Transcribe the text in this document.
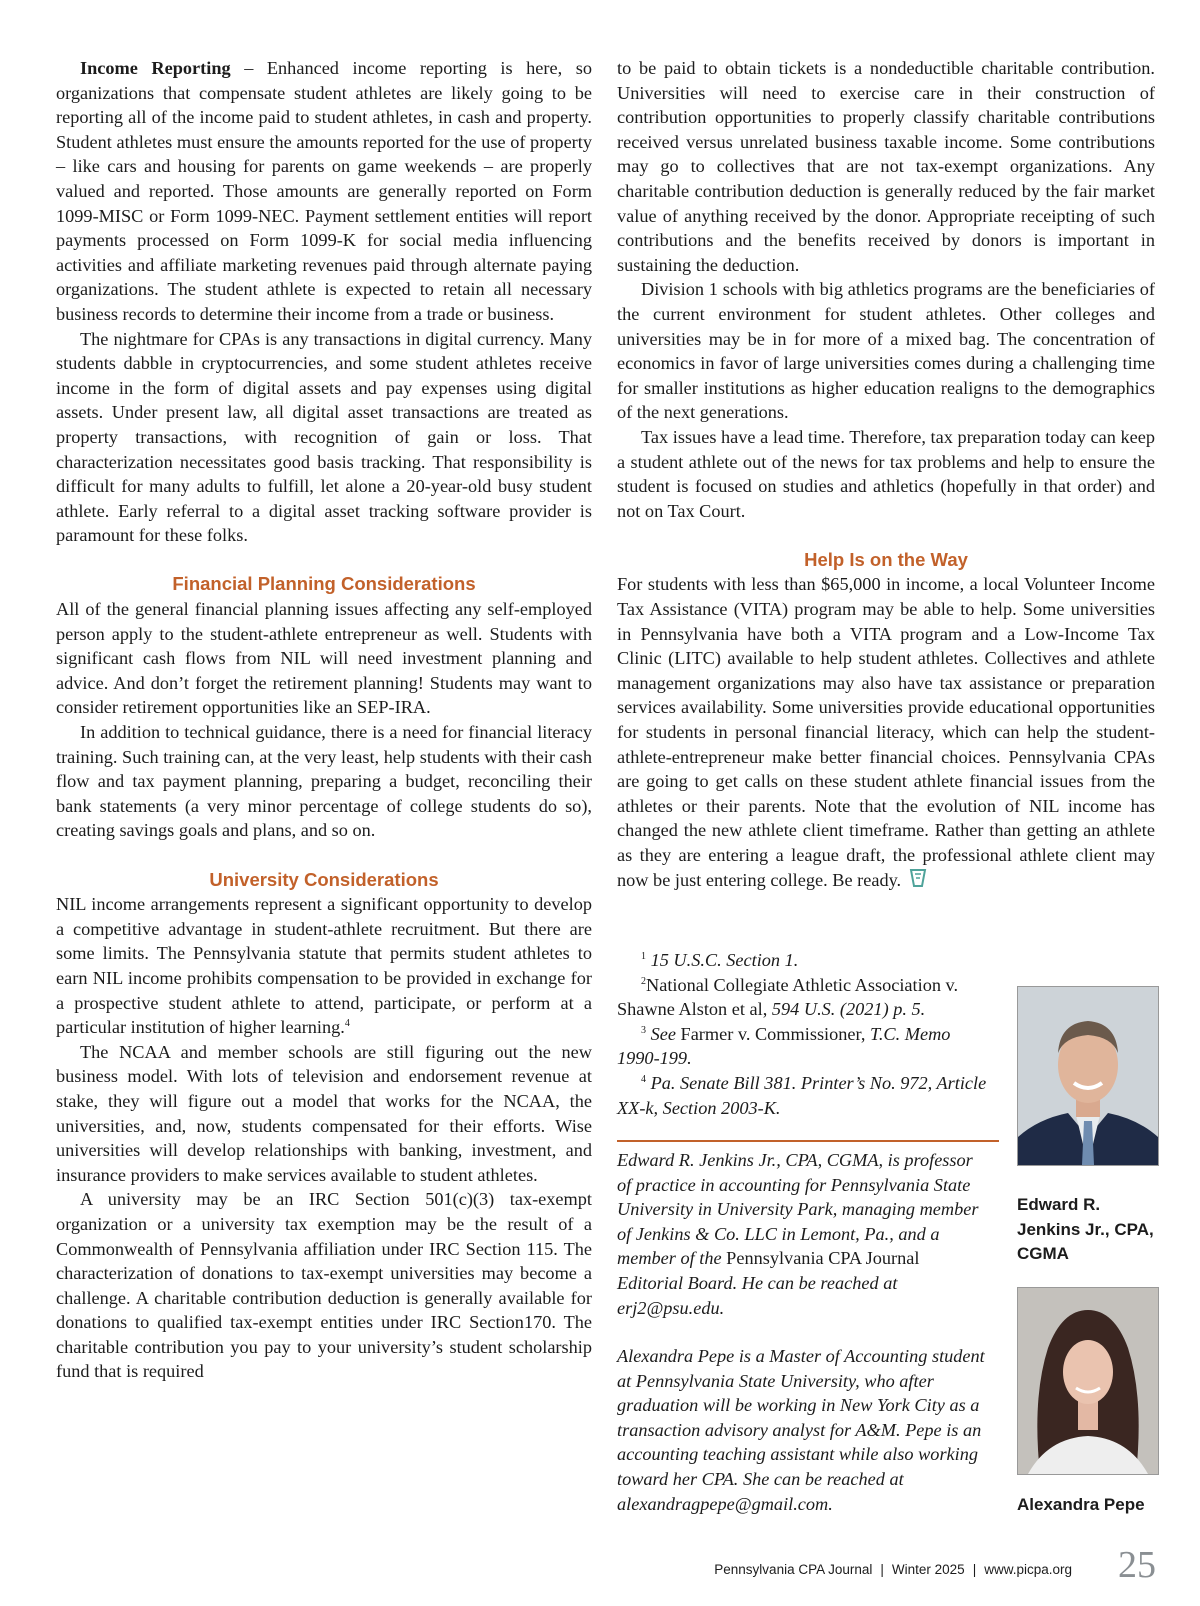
Income Reporting – Enhanced income reporting is here, so organizations that compensate student athletes are likely going to be reporting all of the income paid to student athletes, in cash and property. Student athletes must ensure the amounts reported for the use of property – like cars and housing for parents on game weekends – are properly valued and reported. Those amounts are generally reported on Form 1099-MISC or Form 1099-NEC. Payment settlement entities will report payments processed on Form 1099-K for social media influencing activities and affiliate marketing revenues paid through alternate paying organizations. The student athlete is expected to retain all necessary business records to determine their income from a trade or business.

The nightmare for CPAs is any transactions in digital currency. Many students dabble in cryptocurrencies, and some student athletes receive income in the form of digital assets and pay expenses using digital assets. Under present law, all digital asset transactions are treated as property transactions, with recognition of gain or loss. That characterization necessitates good basis tracking. That responsibility is difficult for many adults to fulfill, let alone a 20-year-old busy student athlete. Early referral to a digital asset tracking software provider is paramount for these folks.

Financial Planning Considerations

All of the general financial planning issues affecting any self-employed person apply to the student-athlete entrepreneur as well. Students with significant cash flows from NIL will need investment planning and advice. And don’t forget the retirement planning! Students may want to consider retirement opportunities like an SEP-IRA.

In addition to technical guidance, there is a need for financial literacy training. Such training can, at the very least, help students with their cash flow and tax payment planning, preparing a budget, reconciling their bank statements (a very minor percentage of college students do so), creating savings goals and plans, and so on.

University Considerations

NIL income arrangements represent a significant opportunity to develop a competitive advantage in student-athlete recruitment. But there are some limits. The Pennsylvania statute that permits student athletes to earn NIL income prohibits compensation to be provided in exchange for a prospective student athlete to attend, participate, or perform at a particular institution of higher learning.$^4$

The NCAA and member schools are still figuring out the new business model. With lots of television and endorsement revenue at stake, they will figure out a model that works for the NCAA, the universities, and, now, students compensated for their efforts. Wise universities will develop relationships with banking, investment, and insurance providers to make services available to student athletes.

A university may be an IRC Section 501(c)(3) tax-exempt organization or a university tax exemption may be the result of a Commonwealth of Pennsylvania affiliation under IRC Section 115. The characterization of donations to tax-exempt universities may become a challenge. A charitable contribution deduction is generally available for donations to qualified tax-exempt entities under IRC Section170. The charitable contribution you pay to your university’s student scholarship fund that is required

to be paid to obtain tickets is a nondeductible charitable contribution. Universities will need to exercise care in their construction of contribution opportunities to properly classify charitable contributions received versus unrelated business taxable income. Some contributions may go to collectives that are not tax-exempt organizations. Any charitable contribution deduction is generally reduced by the fair market value of anything received by the donor. Appropriate receipting of such contributions and the benefits received by donors is important in sustaining the deduction.

Division 1 schools with big athletics programs are the beneficiaries of the current environment for student athletes. Other colleges and universities may be in for more of a mixed bag. The concentration of economics in favor of large universities comes during a challenging time for smaller institutions as higher education realigns to the demographics of the next generations.

Tax issues have a lead time. Therefore, tax preparation today can keep a student athlete out of the news for tax problems and help to ensure the student is focused on studies and athletics (hopefully in that order) and not on Tax Court.

Help Is on the Way

For students with less than $65,000 in income, a local Volunteer Income Tax Assistance (VITA) program may be able to help. Some universities in Pennsylvania have both a VITA program and a Low-Income Tax Clinic (LITC) available to help student athletes. Collectives and athlete management organizations may also have tax assistance or preparation services availability. Some universities provide educational opportunities for students in personal financial literacy, which can help the student-athlete-entrepreneur make better financial choices. Pennsylvania CPAs are going to get calls on these student athlete financial issues from the athletes or their parents. Note that the evolution of NIL income has changed the new athlete client timeframe. Rather than getting an athlete as they are entering a league draft, the professional athlete client may now be just entering college. Be ready.

$^1$ 15 U.S.C. Section 1.

$^2$National Collegiate Athletic Association v. Shawne Alston et al, 594 U.S. (2021) p. 5.

$^3$ See Farmer v. Commissioner, T.C. Memo 1990-199.

$^4$ Pa. Senate Bill 381. Printer’s No. 972, Article XX-k, Section 2003-K.

Edward R. Jenkins Jr., CPA, CGMA, is professor of practice in accounting for Pennsylvania State University in University Park, managing member of Jenkins & Co. LLC in Lemont, Pa., and a member of the Pennsylvania CPA Journal Editorial Board. He can be reached at erj2@psu.edu.
Alexandra Pepe is a Master of Accounting student at Pennsylvania State University, who after graduation will be working in New York City as a transaction advisory analyst for A&M. Pepe is an accounting teaching assistant while also working toward her CPA. She can be reached at alexandragpepe@gmail.com.
Edward R. Jenkins Jr., CPA, CGMA
Alexandra Pepe
Pennsylvania CPA Journal | Winter 2025 | www.picpa.org 25
